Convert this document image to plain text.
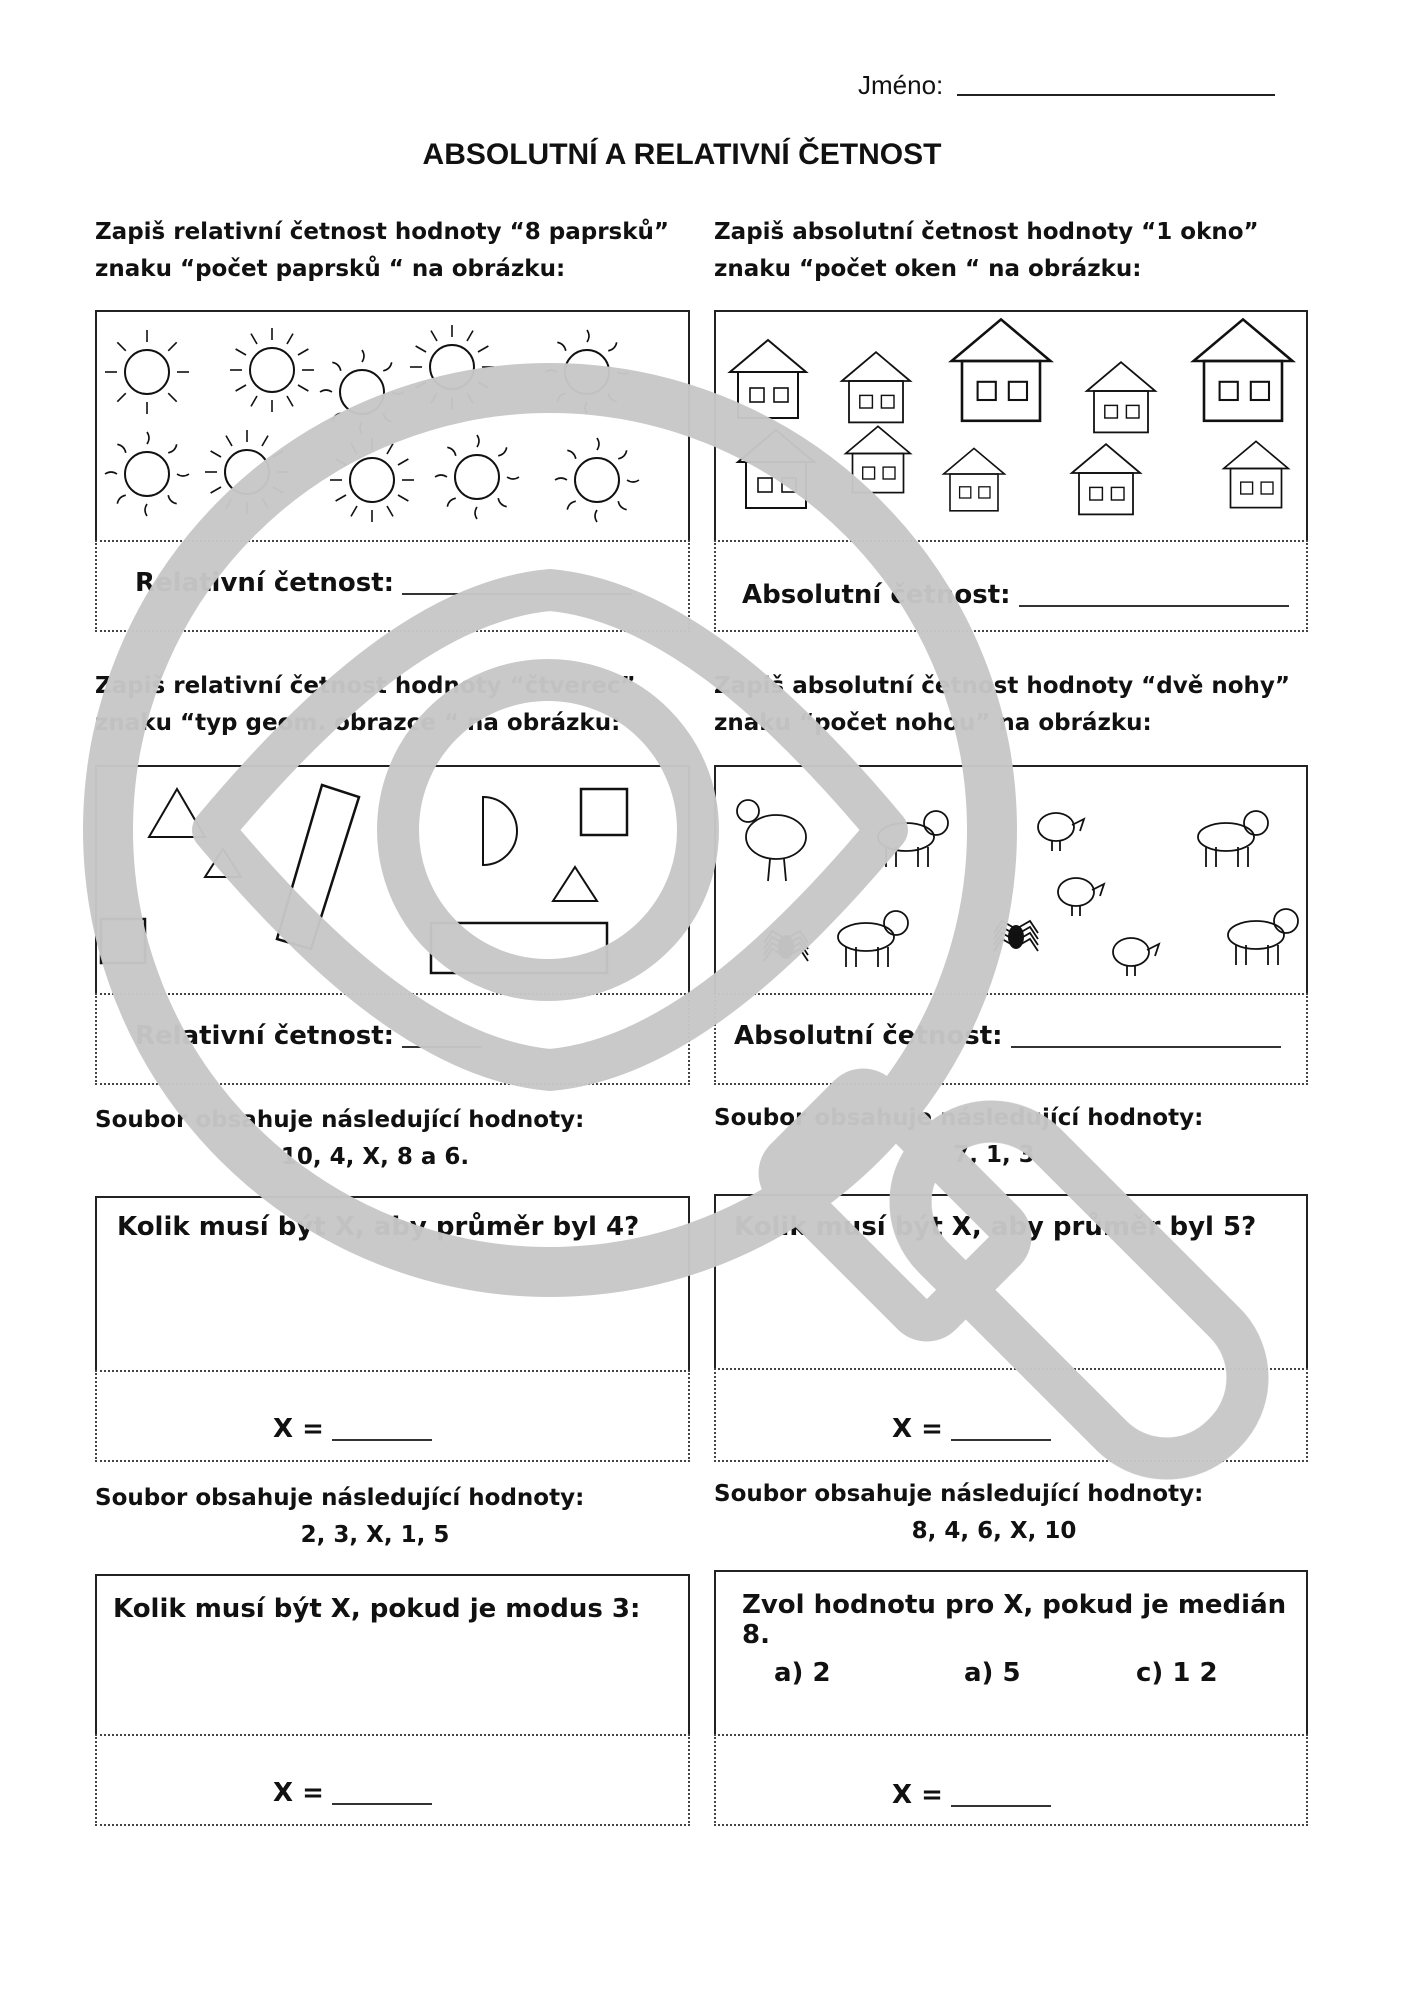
Jméno:
ABSOLUTNÍ A RELATIVNÍ ČETNOST
Zapiš relativní četnost hodnoty “8 paprsků”
znaku “počet paprsků “ na obrázku:
Zapiš absolutní četnost hodnoty “1 okno”
znaku “počet oken “ na obrázku:
Relativní četnost:	Absolutní četnost:
Zapiš relativní četnost hodnoty “čtverec”
znaku “typ geom. obrazce “ na obrázku:
Zapiš absolutní četnost hodnoty “dvě nohy”
znaku “počet nohou” na obrázku:
Relativní četnost:	Absolutní četnost:
Soubor obsahuje následující hodnoty:
10, 4, X, 8 a 6.
Soubor obsahuje následující hodnoty:
7, 1, 3
Kolik musí být X, aby průměr byl 4?
X =
Kolik musí být X, aby průměr byl 5?
X =
Soubor obsahuje následující hodnoty:
2, 3, X, 1, 5
Soubor obsahuje následující hodnoty:
8, 4, 6, X, 10
Kolik musí být X, pokud je modus 3:
X =
Zvol hodnotu pro X, pokud je medián 8.
a) 2	a) 5	c) 1 2
X =
